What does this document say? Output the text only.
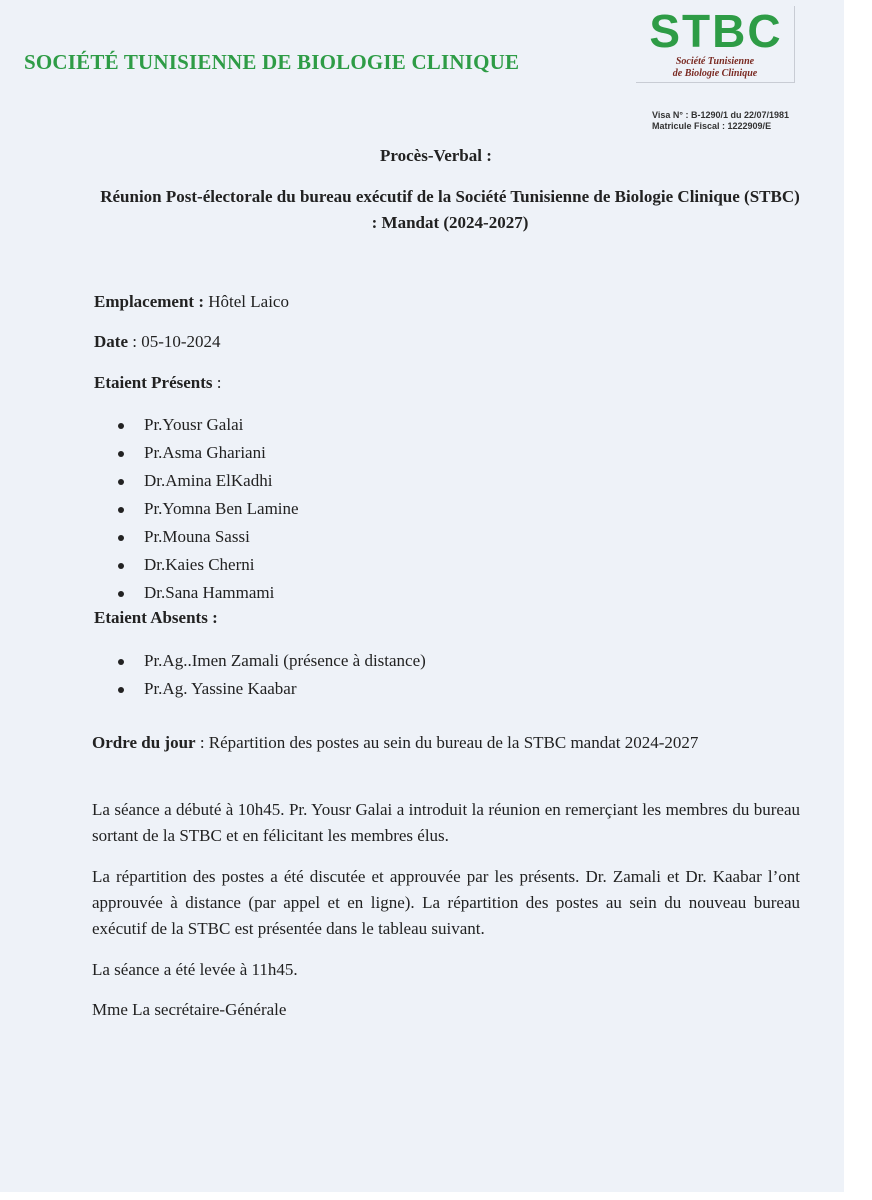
SOCIÉTÉ TUNISIENNE DE BIOLOGIE CLINIQUE
STBC
Société Tunisienne
de Biologie Clinique
Visa N° : B-1290/1 du 22/07/1981
Matricule Fiscal : 1222909/E
Procès-Verbal :
Réunion Post-électorale du bureau exécutif de la Société Tunisienne de Biologie Clinique (STBC) : Mandat (2024-2027)
Emplacement : Hôtel Laico
Date : 05-10-2024
Etaient Présents :
Pr.Yousr Galai
Pr.Asma Ghariani
Dr.Amina ElKadhi
Pr.Yomna Ben Lamine
Pr.Mouna Sassi
Dr.Kaies Cherni
Dr.Sana Hammami
Etaient Absents :
Pr.Ag..Imen Zamali (présence à distance)
Pr.Ag. Yassine Kaabar
Ordre du jour : Répartition des postes au sein du bureau de la STBC mandat 2024-2027
La séance a débuté à 10h45. Pr. Yousr Galai a introduit la réunion en remerçiant les membres du bureau sortant de la STBC et en félicitant les membres élus.
La répartition des postes a été discutée et approuvée par les présents. Dr. Zamali et Dr. Kaabar l’ont approuvée à distance (par appel et en ligne). La répartition des postes au sein du nouveau bureau exécutif de la STBC est présentée dans le tableau suivant.
La séance a été levée à 11h45.
Mme La secrétaire-Générale
